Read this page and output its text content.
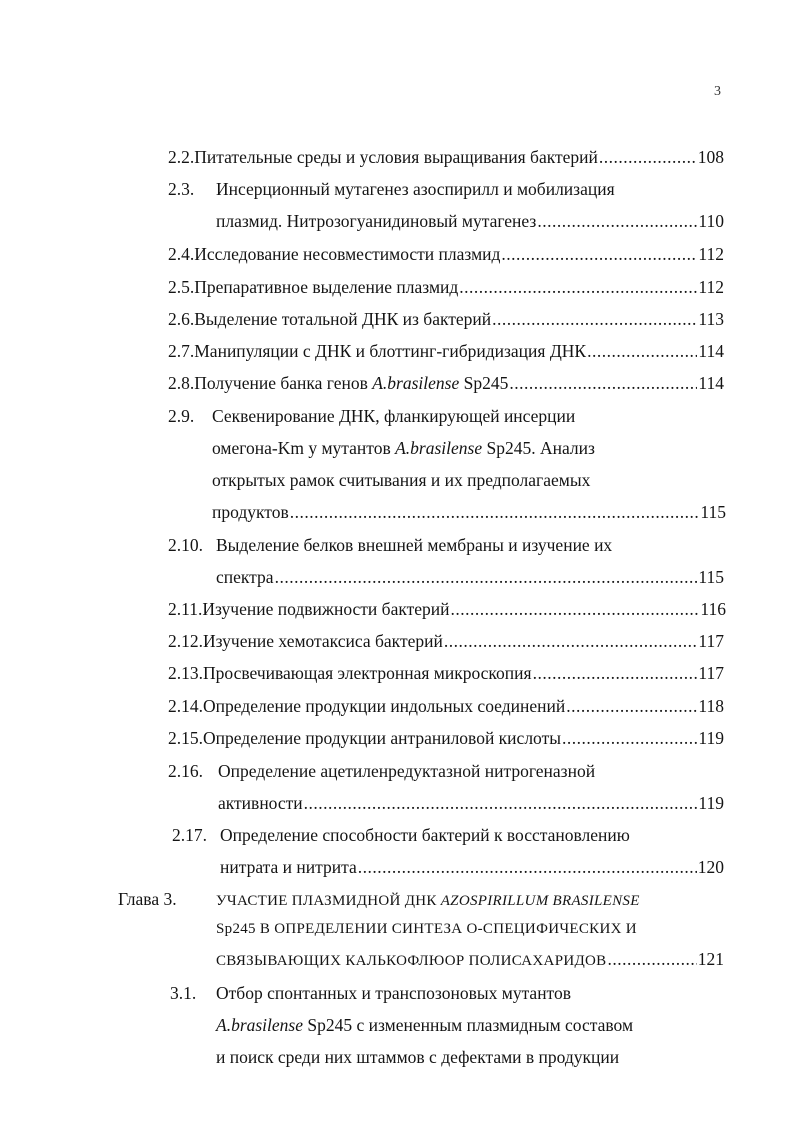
3
2.2. Питательные среды и условия выращивания бактерий .....	108
2.3.	Инсерционный мутагенез азоспирилл и мобилизация
плазмид. Нитрозогуанидиновый мутагенез .....	110
2.4. Исследование несовместимости плазмид .....	112
2.5. Препаративное выделение плазмид .....	112
2.6. Выделение тотальной ДНК из бактерий .....	113
2.7. Манипуляции с ДНК и блоттинг-гибридизация ДНК .....	114
2.8. Получение банка генов A.brasilense Sp245 .....	114
2.9.	Секвенирование ДНК, фланкирующей инсерции
омегона-Km у мутантов A.brasilense Sp245. Анализ
открытых рамок считывания и их предполагаемых
продуктов .....	115
2.10. Выделение белков внешней мембраны и изучение их
спектра .....	115
2.11. Изучение подвижности бактерий .....	116
2.12. Изучение хемотаксиса бактерий .....	117
2.13. Просвечивающая электронная микроскопия .....	117
2.14. Определение продукции индольных соединений .....	118
2.15. Определение продукции антраниловой кислоты .....	119
2.16. Определение ацетиленредуктазной нитрогеназной
активности .....	119
2.17. Определение способности бактерий к восстановлению
нитрата и нитрита .....	120
Глава 3.	УЧАСТИЕ ПЛАЗМИДНОЙ ДНК AZOSPIRILLUM BRASILENSE
Sp245 В ОПРЕДЕЛЕНИИ СИНТЕЗА О-СПЕЦИФИЧЕСКИХ И
СВЯЗЫВАЮЩИХ КАЛЬКОФЛЮОР ПОЛИСАХАРИДОВ .....	121
3.1.	Отбор спонтанных и транспозоновых мутантов
A.brasilense Sp245 с измененным плазмидным составом
и поиск среди них штаммов с дефектами в продукции
